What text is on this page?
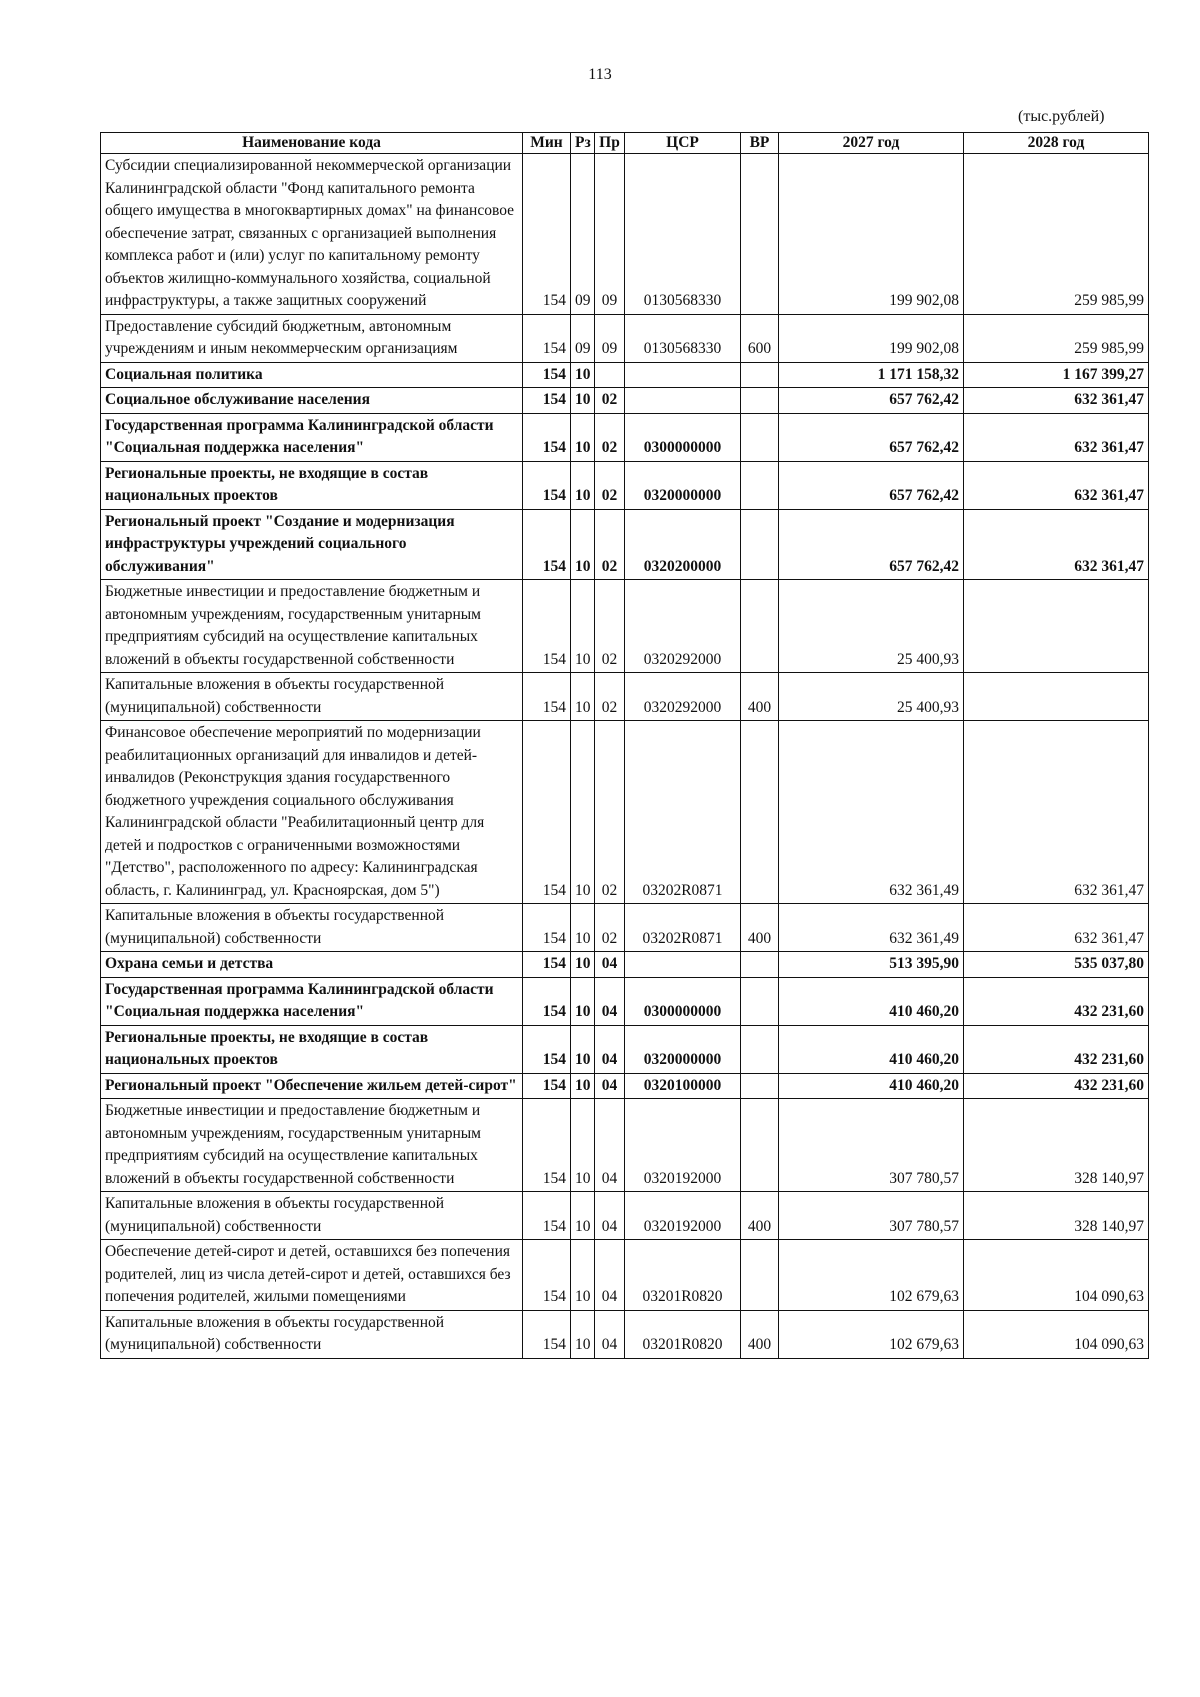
113
(тыс.рублей)
Наименование кода	Мин	Рз	Пр	ЦСР	ВР	2027 год	2028 год
Субсидии специализированной некоммерческой организации Калининградской области "Фонд капитального ремонта общего имущества в многоквартирных домах" на финансовое обеспечение затрат, связанных с организацией выполнения комплекса работ и (или) услуг по капитальному ремонту объектов жилищно-коммунального хозяйства, социальной инфраструктуры, а также защитных сооружений	154	09	09	0130568330		199 902,08	259 985,99
Предоставление субсидий бюджетным, автономным учреждениям и иным некоммерческим организациям	154	09	09	0130568330	600	199 902,08	259 985,99
Социальная политика	154	10				1 171 158,32	1 167 399,27
Социальное обслуживание населения	154	10	02			657 762,42	632 361,47
Государственная программа Калининградской области "Социальная поддержка населения"	154	10	02	0300000000		657 762,42	632 361,47
Региональные проекты, не входящие в состав национальных проектов	154	10	02	0320000000		657 762,42	632 361,47
Региональный проект "Создание и модернизация инфраструктуры учреждений социального обслуживания"	154	10	02	0320200000		657 762,42	632 361,47
Бюджетные инвестиции и предоставление бюджетным и автономным учреждениям, государственным унитарным предприятиям субсидий на осуществление капитальных вложений в объекты государственной собственности	154	10	02	0320292000		25 400,93	
Капитальные вложения в объекты государственной (муниципальной) собственности	154	10	02	0320292000	400	25 400,93	
Финансовое обеспечение мероприятий по модернизации реабилитационных организаций для инвалидов и детей-инвалидов (Реконструкция здания государственного бюджетного учреждения социального обслуживания Калининградской области "Реабилитационный центр для детей и подростков с ограниченными возможностями "Детство", расположенного по адресу: Калининградская область, г. Калининград, ул. Красноярская, дом 5")	154	10	02	03202R0871		632 361,49	632 361,47
Капитальные вложения в объекты государственной (муниципальной) собственности	154	10	02	03202R0871	400	632 361,49	632 361,47
Охрана семьи и детства	154	10	04			513 395,90	535 037,80
Государственная программа Калининградской области "Социальная поддержка населения"	154	10	04	0300000000		410 460,20	432 231,60
Региональные проекты, не входящие в состав национальных проектов	154	10	04	0320000000		410 460,20	432 231,60
Региональный проект "Обеспечение жильем детей-сирот"	154	10	04	0320100000		410 460,20	432 231,60
Бюджетные инвестиции и предоставление бюджетным и автономным учреждениям, государственным унитарным предприятиям субсидий на осуществление капитальных вложений в объекты государственной собственности	154	10	04	0320192000		307 780,57	328 140,97
Капитальные вложения в объекты государственной (муниципальной) собственности	154	10	04	0320192000	400	307 780,57	328 140,97
Обеспечение детей-сирот и детей, оставшихся без попечения родителей, лиц из числа детей-сирот и детей, оставшихся без попечения родителей, жилыми помещениями	154	10	04	03201R0820		102 679,63	104 090,63
Капитальные вложения в объекты государственной (муниципальной) собственности	154	10	04	03201R0820	400	102 679,63	104 090,63
